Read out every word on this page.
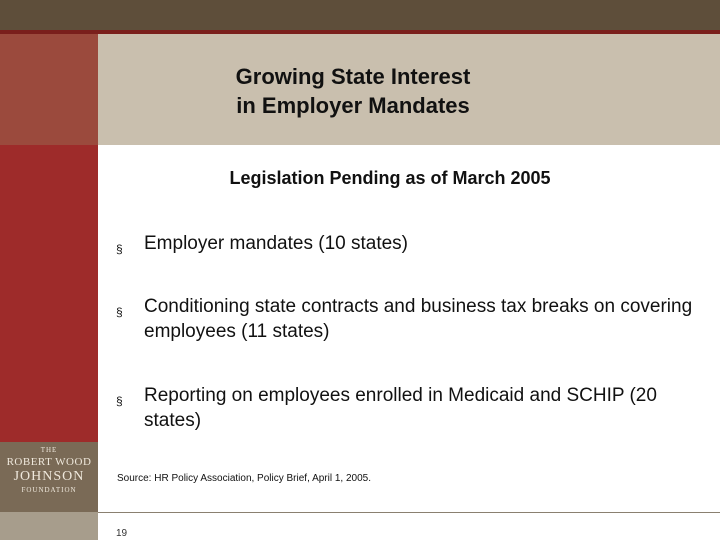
Growing State Interest
in Employer Mandates
Legislation Pending as of March 2005
§	Employer mandates (10 states)
§	Conditioning state contracts and business tax breaks on covering employees (11 states)
§	Reporting on employees enrolled in Medicaid and SCHIP (20 states)
Source: HR Policy Association, Policy Brief, April 1, 2005.
19
THE
ROBERT WOOD
JOHNSON
FOUNDATION
